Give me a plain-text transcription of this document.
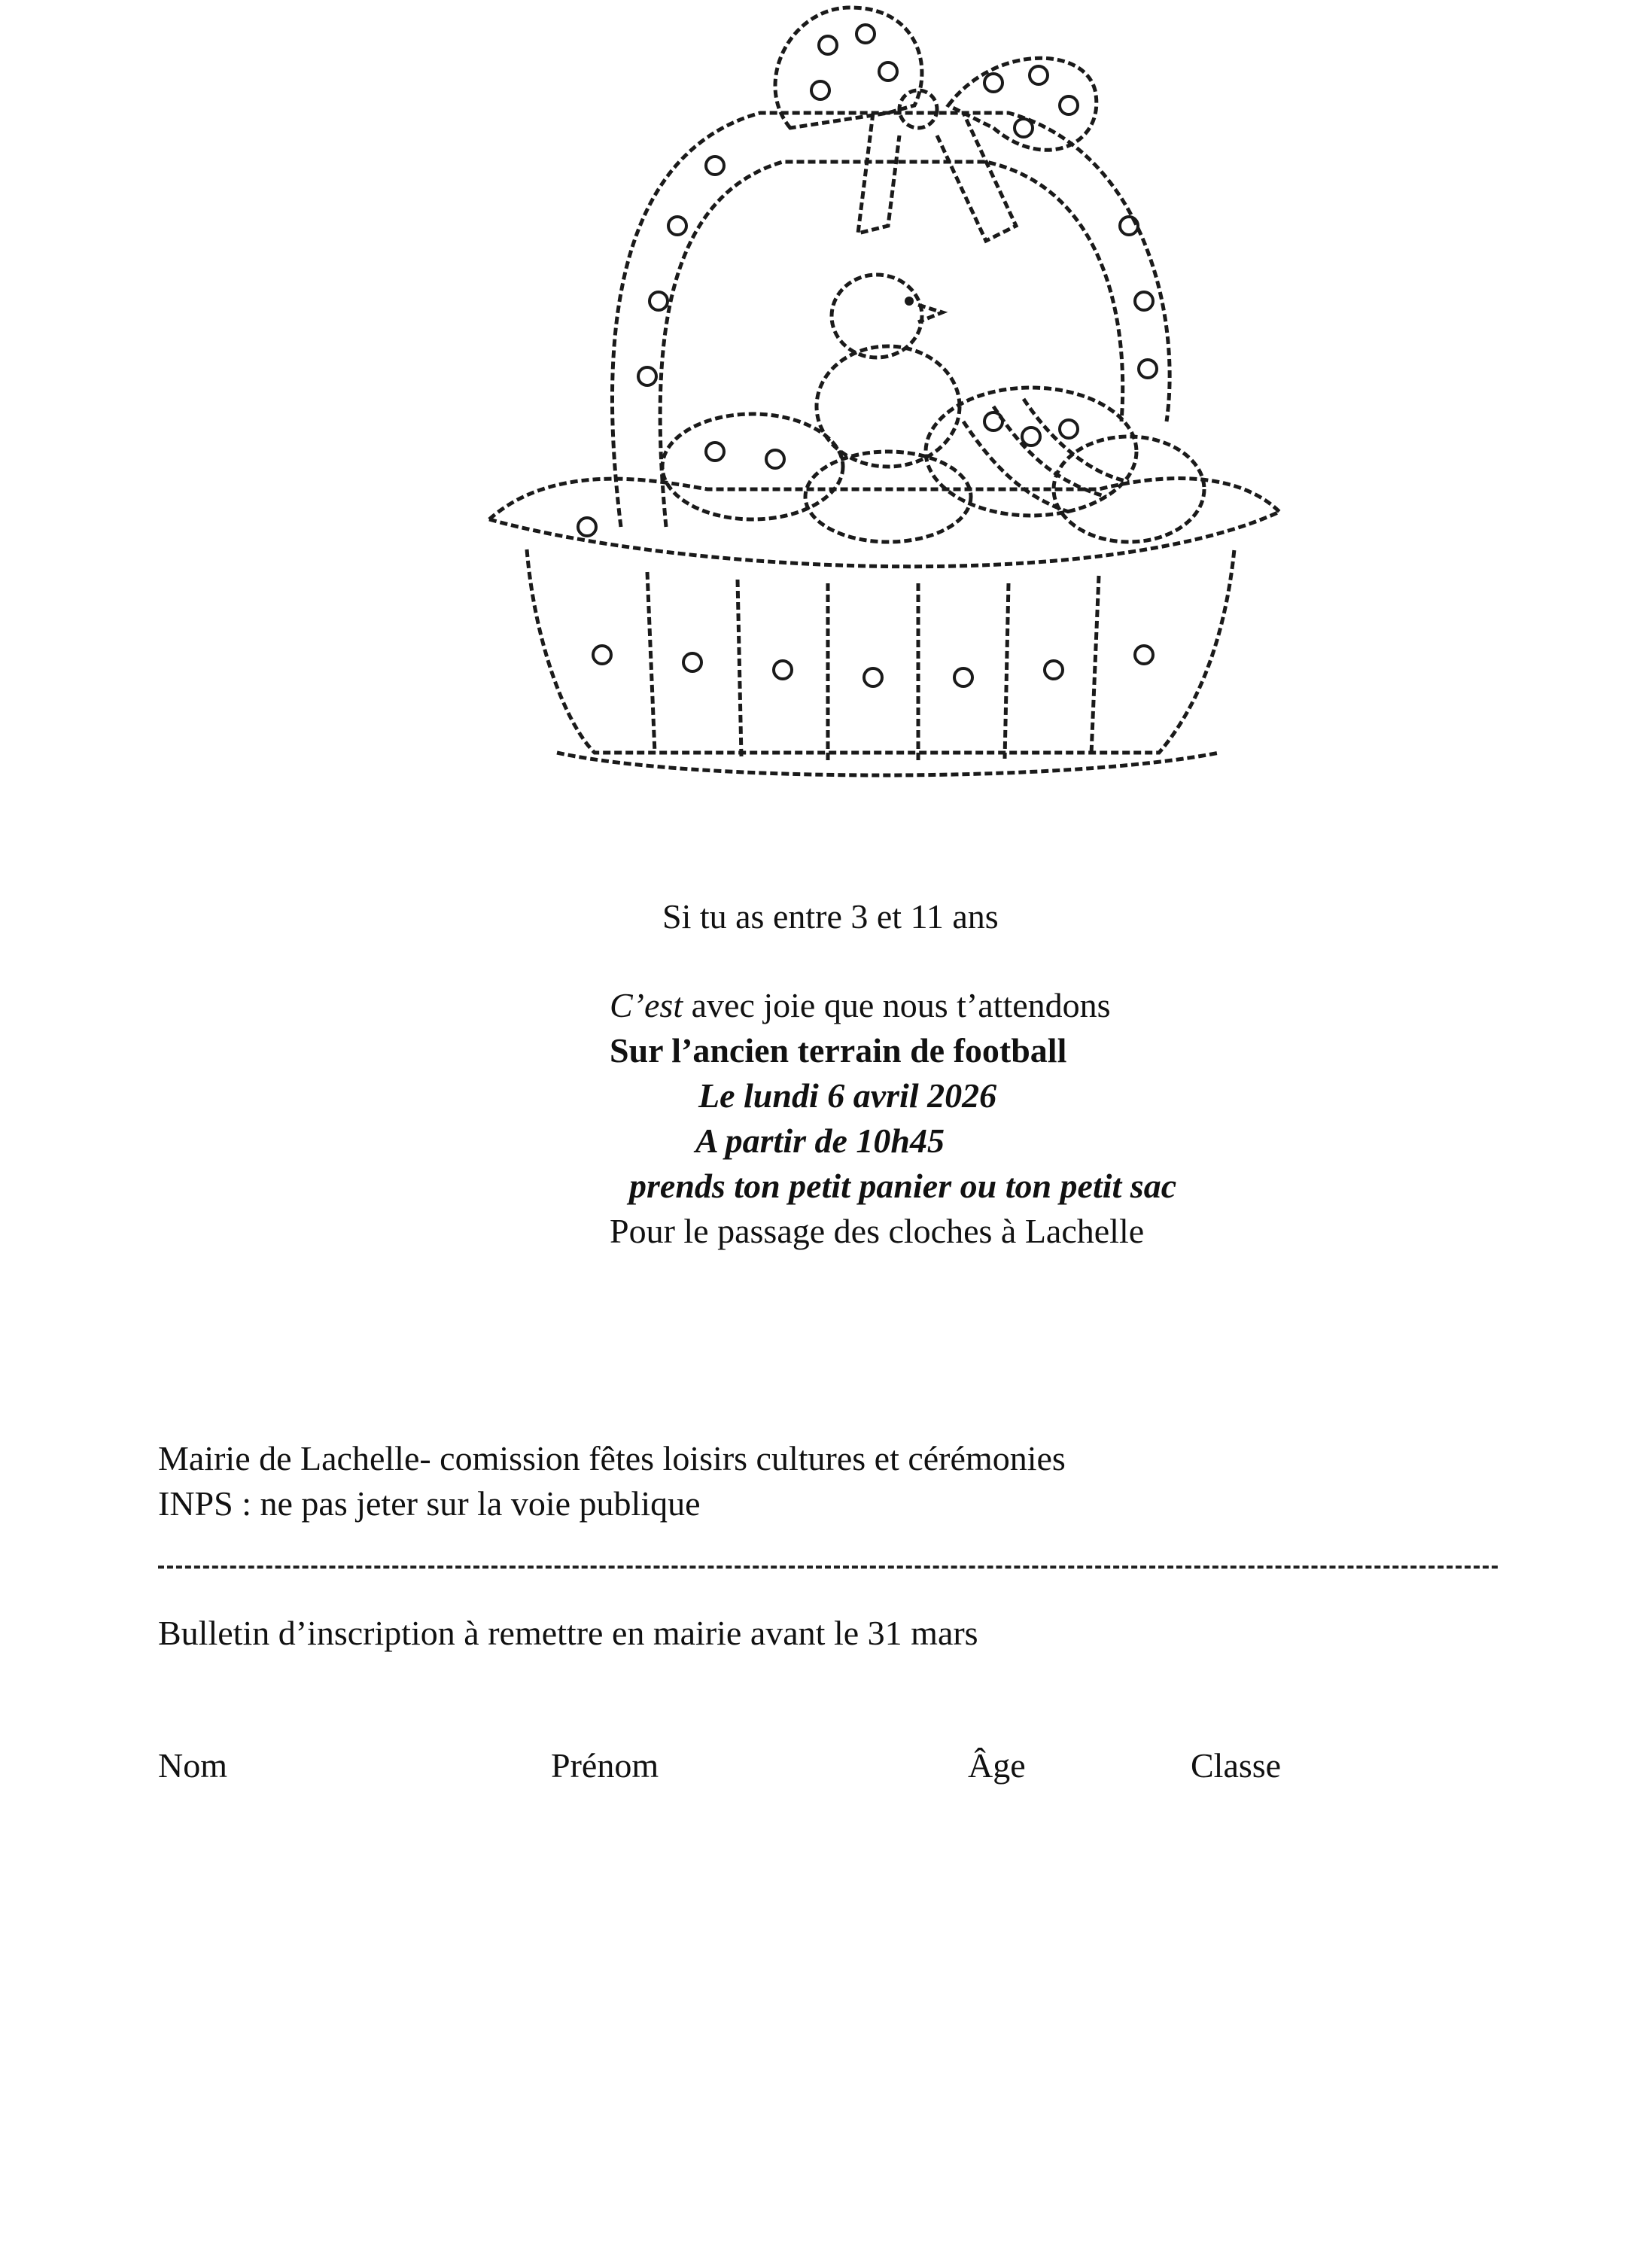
Si tu as entre 3 et 11 ans
C’est avec joie que nous t’attendons
Sur l’ancien terrain de football
Le lundi 6 avril 2026
A partir de 10h45
prends ton petit panier ou ton petit sac
Pour le passage des cloches à Lachelle
Mairie de Lachelle- comission fêtes loisirs cultures et cérémonies
INPS : ne pas jeter sur la voie publique
Bulletin d’inscription à remettre en mairie avant le 31 mars
Nom	Prénom	Âge	Classe
